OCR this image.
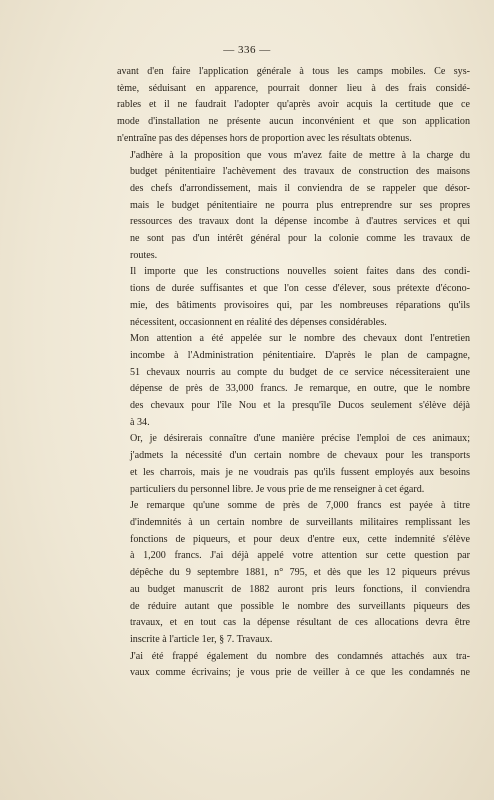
— 336 —

avant d'en faire l'application générale à tous les camps mobiles. Ce sys-
tème, séduisant en apparence, pourrait donner lieu à des frais considé-
rables et il ne faudrait l'adopter qu'après avoir acquis la certitude que ce
mode d'installation ne présente aucun inconvénient et que son application
n'entraîne pas des dépenses hors de proportion avec les résultats obtenus.

J'adhère à la proposition que vous m'avez faite de mettre à la charge du
budget pénitentiaire l'achèvement des travaux de construction des maisons
des chefs d'arrondissement, mais il conviendra de se rappeler que désor-
mais le budget pénitentiaire ne pourra plus entreprendre sur ses propres
ressources des travaux dont la dépense incombe à d'autres services et qui
ne sont pas d'un intérêt général pour la colonie comme les travaux de
routes.

Il importe que les constructions nouvelles soient faites dans des condi-
tions de durée suffisantes et que l'on cesse d'élever, sous prétexte d'écono-
mie, des bâtiments provisoires qui, par les nombreuses réparations qu'ils
nécessitent, occasionnent en réalité des dépenses considérables.

Mon attention a été appelée sur le nombre des chevaux dont l'entretien
incombe à l'Administration pénitentiaire. D'après le plan de campagne,
51 chevaux nourris au compte du budget de ce service nécessiteraient une
dépense de près de 33,000 francs. Je remarque, en outre, que le nombre
des chevaux pour l'île Nou et la presqu'île Ducos seulement s'élève déjà
à 34.

Or, je désirerais connaître d'une manière précise l'emploi de ces animaux;
j'admets la nécessité d'un certain nombre de chevaux pour les transports
et les charrois, mais je ne voudrais pas qu'ils fussent employés aux besoins
particuliers du personnel libre. Je vous prie de me renseigner à cet égard.

Je remarque qu'une somme de près de 7,000 francs est payée à titre
d'indemnités à un certain nombre de surveillants militaires remplissant les
fonctions de piqueurs, et pour deux d'entre eux, cette indemnité s'élève
à 1,200 francs. J'ai déjà appelé votre attention sur cette question par
dépêche du 9 septembre 1881, n° 795, et dès que les 12 piqueurs prévus
au budget manuscrit de 1882 auront pris leurs fonctions, il conviendra
de réduire autant que possible le nombre des surveillants piqueurs des
travaux, et en tout cas la dépense résultant de ces allocations devra être
inscrite à l'article 1er, § 7. Travaux.

J'ai été frappé également du nombre des condamnés attachés aux tra-
vaux comme écrivains; je vous prie de veiller à ce que les condamnés ne
